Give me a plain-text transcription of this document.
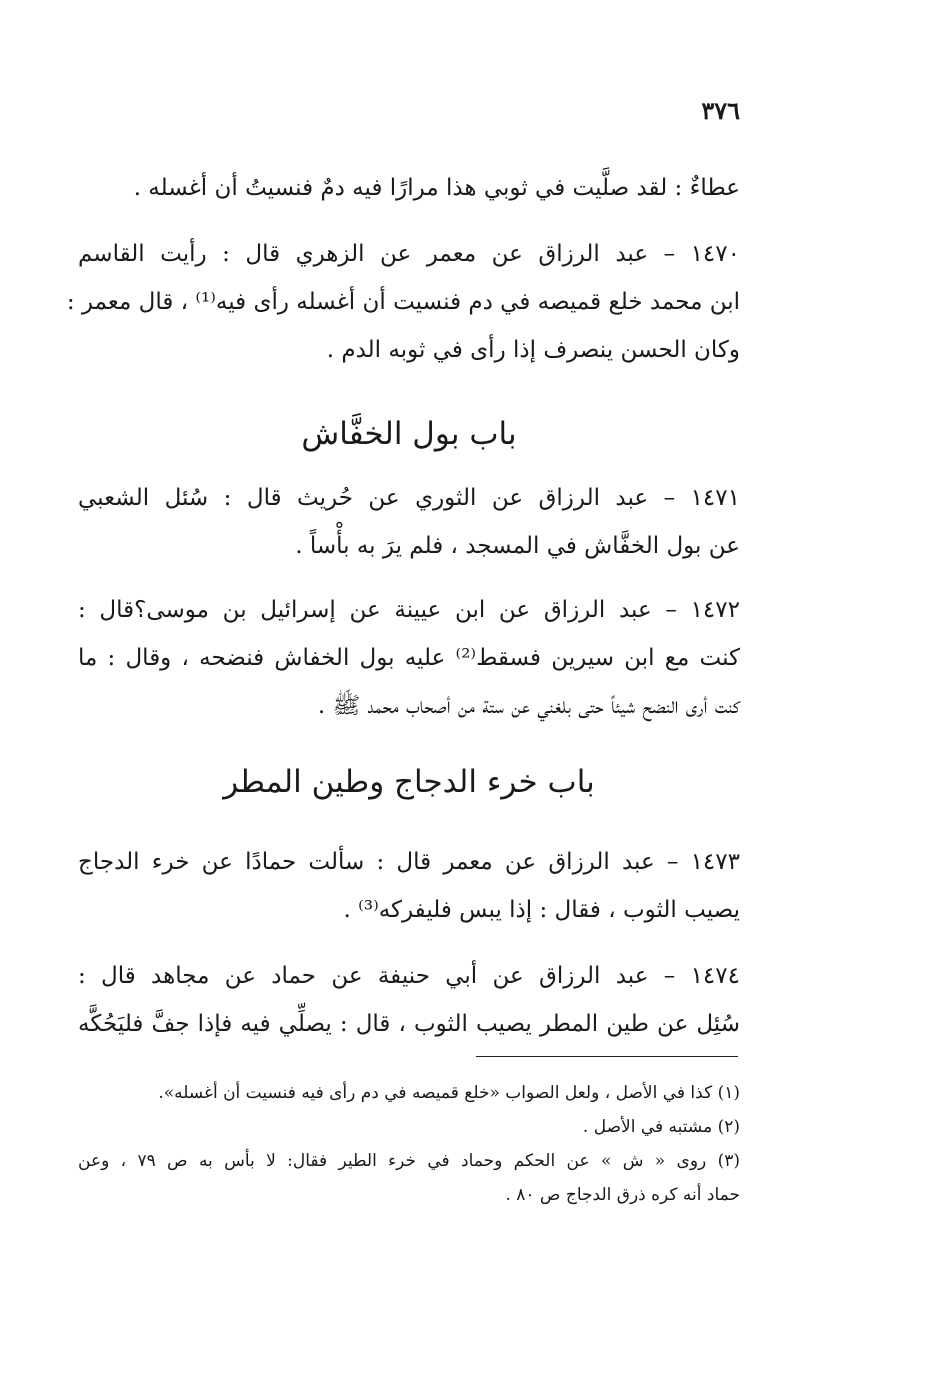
٣٧٦
عطاءٌ : لقد صلَّيت في ثوبي هذا مرارًا فيه دمٌ فنسيتُ أن أغسله .
١٤٧٠ – عبد الرزاق عن معمر عن الزهري قال : رأيت القاسم
ابن محمد خلع قميصه في دم فنسيت أن أغسله رأى فيه⁽¹⁾ ، قال معمر :
وكان الحسن ينصرف إذا رأى في ثوبه الدم .
باب بول الخفَّاش
١٤٧١ – عبد الرزاق عن الثوري عن حُريث قال : سُئل الشعبي
عن بول الخفَّاش في المسجد ، فلم يرَ به بأْساً .
١٤٧٢ – عبد الرزاق عن ابن عيينة عن إسرائيل بن موسى؟قال :
كنت مع ابن سيرين فسقط⁽²⁾ عليه بول الخفاش فنضحه ، وقال : ما
كنت أرى النضح شيئاً حتى بلغني عن ستة من أصحاب محمد ﷺ .
باب خرء الدجاج وطين المطر
١٤٧٣ – عبد الرزاق عن معمر قال : سألت حمادًا عن خرء الدجاج
يصيب الثوب ، فقال : إذا يبس فليفركه⁽³⁾ .
١٤٧٤ – عبد الرزاق عن أبي حنيفة عن حماد عن مجاهد قال :
سُئِل عن طين المطر يصيب الثوب ، قال : يصلِّي فيه فإذا جفَّ فليَحُكَّه
(١) كذا في الأصل ، ولعل الصواب «خلع قميصه في دم رأى فيه فنسيت أن أغسله».
(٢) مشتبه في الأصل .
(٣) روى « ش » عن الحكم وحماد في خرء الطير فقال: لا بأس به ص ٧٩ ، وعن
حماد أنه كره ذرق الدجاج ص ٨٠ .
